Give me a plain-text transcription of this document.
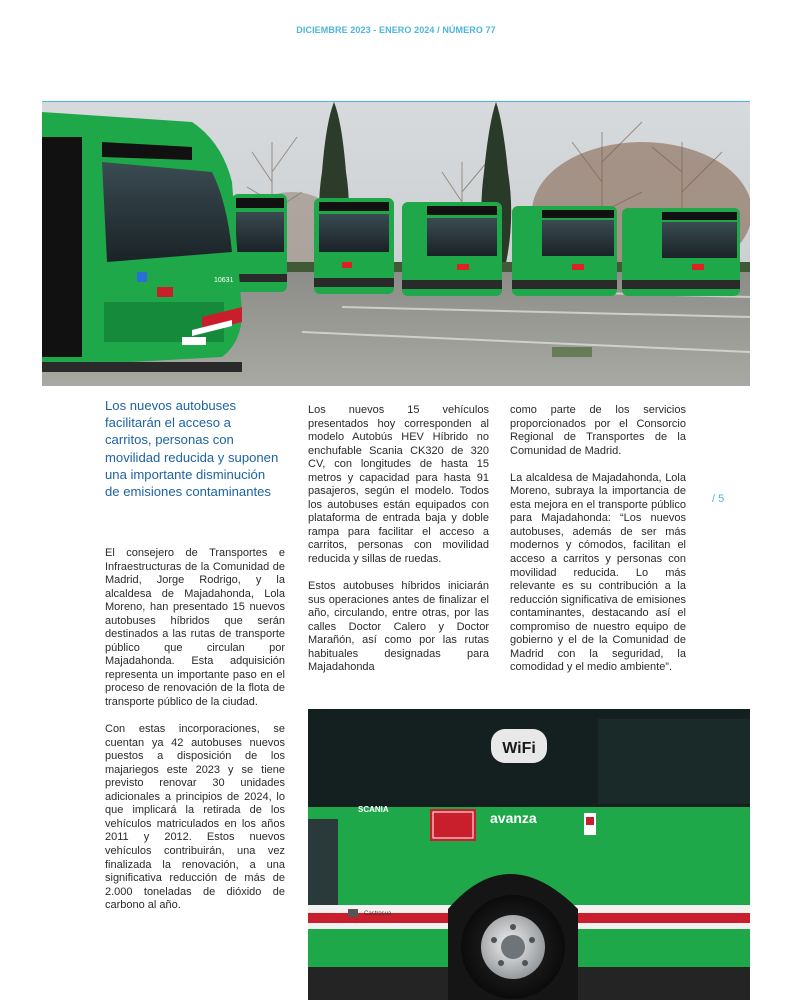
DICIEMBRE 2023 - ENERO 2024 / NÚMERO 77
10631
Los nuevos autobuses facilitarán el acceso a carritos, personas con movilidad reducida y suponen una importante disminución de emisiones contaminantes

El consejero de Transportes e Infraestructuras de la Comunidad de Madrid, Jorge Rodrigo, y la alcaldesa de Majadahonda, Lola Moreno, han presentado 15 nuevos autobuses híbridos que serán destinados a las rutas de transporte público que circulan por Majadahonda. Esta adquisición representa un importante paso en el proceso de renovación de la flota de transporte público de la ciudad.

Con estas incorporaciones, se cuentan ya 42 autobuses nuevos puestos a disposición de los majariegos este 2023 y se tiene previsto renovar 30 unidades adicionales a principios de 2024, lo que implicará la retirada de los vehículos matriculados en los años 2011 y 2012. Estos nuevos vehículos contribuirán, una vez finalizada la renovación, a una significativa reducción de más de 2.000 toneladas de dióxido de carbono al año.

Los nuevos 15 vehículos presentados hoy corresponden al modelo Autobús HEV Híbrido no enchufable Scania CK320 de 320 CV, con longitudes de hasta 15 metros y capacidad para hasta 91 pasajeros, según el modelo. Todos los autobuses están equipados con plataforma de entrada baja y doble rampa para facilitar el acceso a carritos, personas con movilidad reducida y sillas de ruedas.

Estos autobuses híbridos iniciarán sus operaciones antes de finalizar el año, circulando, entre otras, por las calles Doctor Calero y Doctor Marañón, así como por las rutas habituales designadas para Majadahonda

como parte de los servicios proporcionados por el Consorcio Regional de Transportes de la Comunidad de Madrid.

La alcaldesa de Majadahonda, Lola Moreno, subraya la importancia de esta mejora en el transporte público para Majadahonda: “Los nuevos autobuses, además de ser más modernos y cómodos, facilitan el acceso a carritos y personas con movilidad reducida. Lo más relevante es su contribución a la reducción significativa de emisiones contaminantes, destacando así el compromiso de nuestro equipo de gobierno y el de la Comunidad de Madrid con la seguridad, la comodidad y el medio ambiente”.

/ 5
WiFi
SCANIA
avanza
Castrosua
